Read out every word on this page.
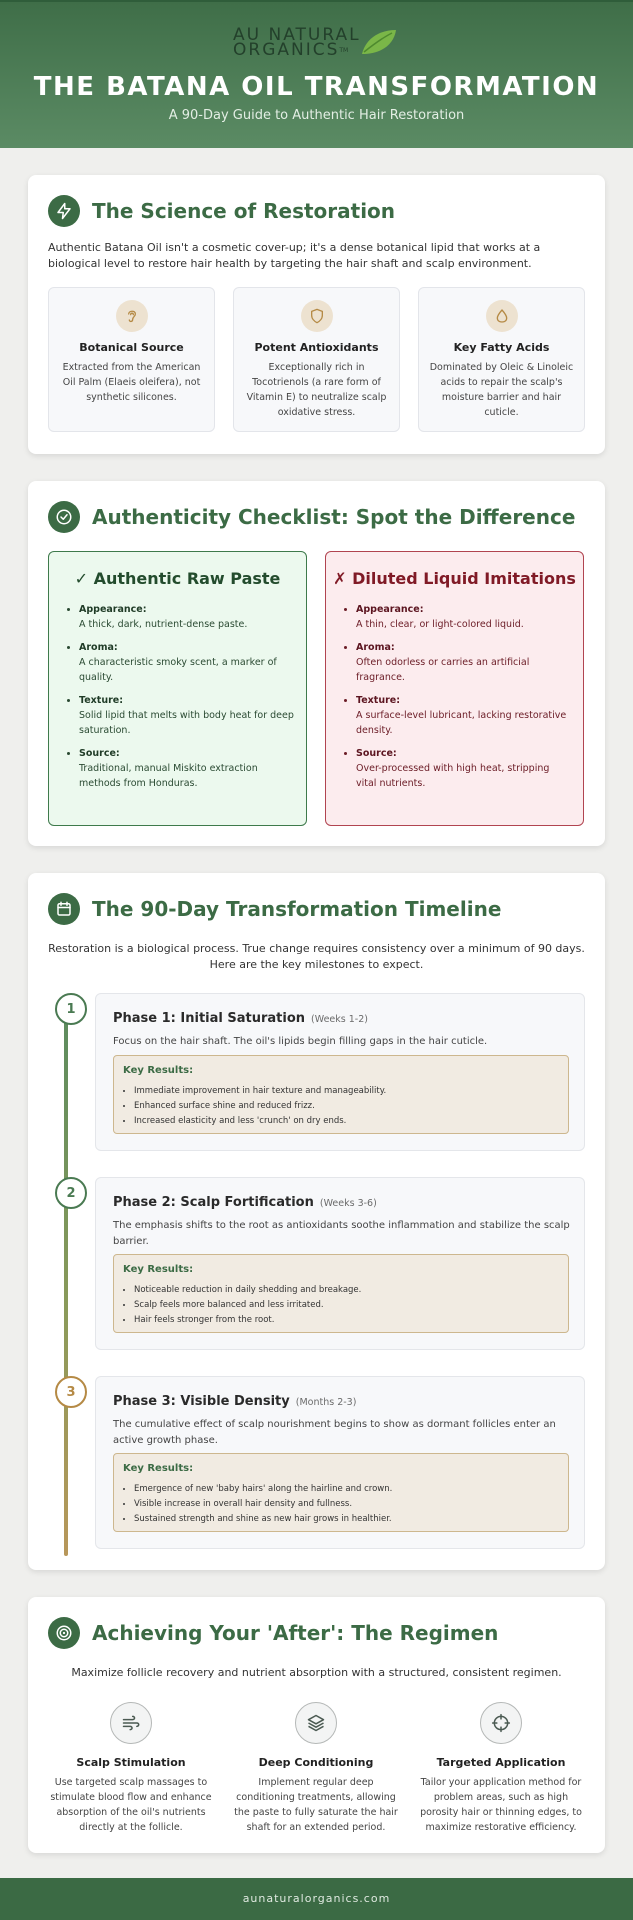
AU NATURAL
ORGANICS™
THE BATANA OIL TRANSFORMATION
A 90-Day Guide to Authentic Hair Restoration
The Science of Restoration
Authentic Batana Oil isn't a cosmetic cover-up; it's a dense botanical lipid that works at a biological level to restore hair health by targeting the hair shaft and scalp environment.
Botanical Source
Extracted from the American Oil Palm (Elaeis oleifera), not synthetic silicones.
Potent Antioxidants
Exceptionally rich in Tocotrienols (a rare form of Vitamin E) to neutralize scalp oxidative stress.
Key Fatty Acids
Dominated by Oleic & Linoleic acids to repair the scalp's moisture barrier and hair cuticle.
Authenticity Checklist: Spot the Difference
✓ Authentic Raw Paste
• Appearance:
A thick, dark, nutrient-dense paste.
• Aroma:
A characteristic smoky scent, a marker of quality.
• Texture:
Solid lipid that melts with body heat for deep saturation.
• Source:
Traditional, manual Miskito extraction methods from Honduras.
✗ Diluted Liquid Imitations
• Appearance:
A thin, clear, or light-colored liquid.
• Aroma:
Often odorless or carries an artificial fragrance.
• Texture:
A surface-level lubricant, lacking restorative density.
• Source:
Over-processed with high heat, stripping vital nutrients.
The 90-Day Transformation Timeline
Restoration is a biological process. True change requires consistency over a minimum of 90 days. Here are the key milestones to expect.
1
Phase 1: Initial Saturation (Weeks 1-2)
Focus on the hair shaft. The oil's lipids begin filling gaps in the hair cuticle.
Key Results:
• Immediate improvement in hair texture and manageability.
• Enhanced surface shine and reduced frizz.
• Increased elasticity and less 'crunch' on dry ends.
2
Phase 2: Scalp Fortification (Weeks 3-6)
The emphasis shifts to the root as antioxidants soothe inflammation and stabilize the scalp barrier.
Key Results:
• Noticeable reduction in daily shedding and breakage.
• Scalp feels more balanced and less irritated.
• Hair feels stronger from the root.
3
Phase 3: Visible Density (Months 2-3)
The cumulative effect of scalp nourishment begins to show as dormant follicles enter an active growth phase.
Key Results:
• Emergence of new 'baby hairs' along the hairline and crown.
• Visible increase in overall hair density and fullness.
• Sustained strength and shine as new hair grows in healthier.
Achieving Your 'After': The Regimen
Maximize follicle recovery and nutrient absorption with a structured, consistent regimen.
Scalp Stimulation
Use targeted scalp massages to stimulate blood flow and enhance absorption of the oil's nutrients directly at the follicle.
Deep Conditioning
Implement regular deep conditioning treatments, allowing the paste to fully saturate the hair shaft for an extended period.
Targeted Application
Tailor your application method for problem areas, such as high porosity hair or thinning edges, to maximize restorative efficiency.
aunaturalorganics.com
